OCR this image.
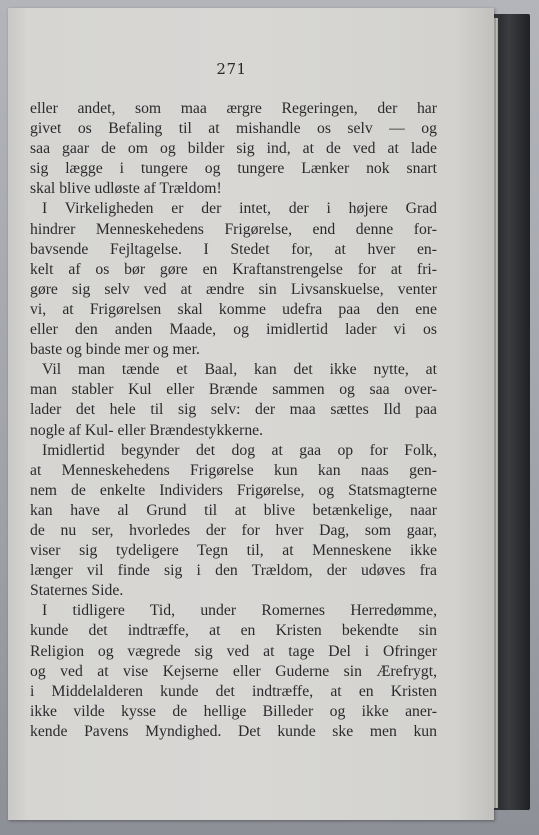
271
eller andet, som maa ærgre Regeringen, der har
givet os Befaling til at mishandle os selv — og
saa gaar de om og bilder sig ind, at de ved at lade
sig lægge i tungere og tungere Lænker nok snart
skal blive udløste af Trældom!
I Virkeligheden er der intet, der i højere Grad
hindrer Menneskehedens Frigørelse, end denne for-
bavsende Fejltagelse. I Stedet for, at hver en-
kelt af os bør gøre en Kraftanstrengelse for at fri-
gøre sig selv ved at ændre sin Livsanskuelse, venter
vi, at Frigørelsen skal komme udefra paa den ene
eller den anden Maade, og imidlertid lader vi os
baste og binde mer og mer.
Vil man tænde et Baal, kan det ikke nytte, at
man stabler Kul eller Brænde sammen og saa over-
lader det hele til sig selv: der maa sættes Ild paa
nogle af Kul- eller Brændestykkerne.
Imidlertid begynder det dog at gaa op for Folk,
at Menneskehedens Frigørelse kun kan naas gen-
nem de enkelte Individers Frigørelse, og Statsmagterne
kan have al Grund til at blive betænkelige, naar
de nu ser, hvorledes der for hver Dag, som gaar,
viser sig tydeligere Tegn til, at Menneskene ikke
længer vil finde sig i den Trældom, der udøves fra
Staternes Side.
I tidligere Tid, under Romernes Herredømme,
kunde det indtræffe, at en Kristen bekendte sin
Religion og vægrede sig ved at tage Del i Ofringer
og ved at vise Kejserne eller Guderne sin Ærefrygt,
i Middelalderen kunde det indtræffe, at en Kristen
ikke vilde kysse de hellige Billeder og ikke aner-
kende Pavens Myndighed. Det kunde ske men kun
